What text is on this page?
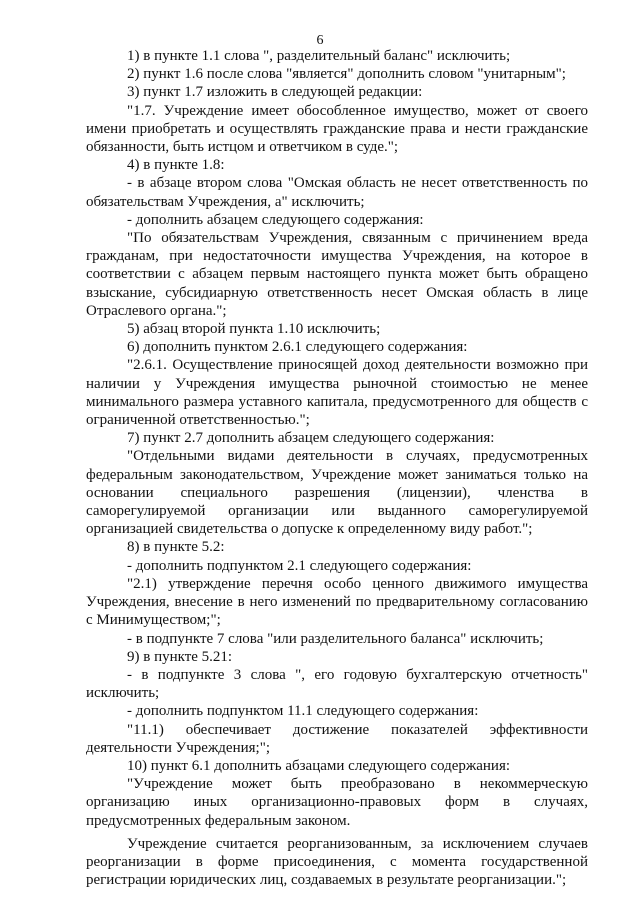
6

1) в пункте 1.1 слова ", разделительный баланс" исключить;

2) пункт 1.6 после слова "является" дополнить словом "унитарным";

3) пункт 1.7 изложить в следующей редакции:

"1.7. Учреждение имеет обособленное имущество, может от своего имени приобретать и осуществлять гражданские права и нести гражданские обязанности, быть истцом и ответчиком в суде.";

4) в пункте 1.8:

- в абзаце втором слова "Омская область не несет ответственность по обязательствам Учреждения, а" исключить;

- дополнить абзацем следующего содержания:

"По обязательствам Учреждения, связанным с причинением вреда гражданам, при недостаточности имущества Учреждения, на которое в соответствии с абзацем первым настоящего пункта может быть обращено взыскание, субсидиарную ответственность несет Омская область в лице Отраслевого органа.";

5) абзац второй пункта 1.10 исключить;

6) дополнить пунктом 2.6.1 следующего содержания:

"2.6.1. Осуществление приносящей доход деятельности возможно при наличии у Учреждения имущества рыночной стоимостью не менее минимального размера уставного капитала, предусмотренного для обществ с ограниченной ответственностью.";

7) пункт 2.7 дополнить абзацем следующего содержания:

"Отдельными видами деятельности в случаях, предусмотренных федеральным законодательством, Учреждение может заниматься только на основании специального разрешения (лицензии), членства в саморегулируемой организации или выданного саморегулируемой организацией свидетельства о допуске к определенному виду работ.";

8) в пункте 5.2:

- дополнить подпунктом 2.1 следующего содержания:

"2.1) утверждение перечня особо ценного движимого имущества Учреждения, внесение в него изменений по предварительному согласованию с Минимуществом;";

- в подпункте 7 слова "или разделительного баланса" исключить;

9) в пункте 5.21:

- в подпункте 3 слова ", его годовую бухгалтерскую отчетность" исключить;

- дополнить подпунктом 11.1 следующего содержания:

"11.1) обеспечивает достижение показателей эффективности деятельности Учреждения;";

10) пункт 6.1 дополнить абзацами следующего содержания:

"Учреждение может быть преобразовано в некоммерческую организацию иных организационно-правовых форм в случаях, предусмотренных федеральным законом.

Учреждение считается реорганизованным, за исключением случаев реорганизации в форме присоединения, с момента государственной регистрации юридических лиц, создаваемых в результате реорганизации.";
